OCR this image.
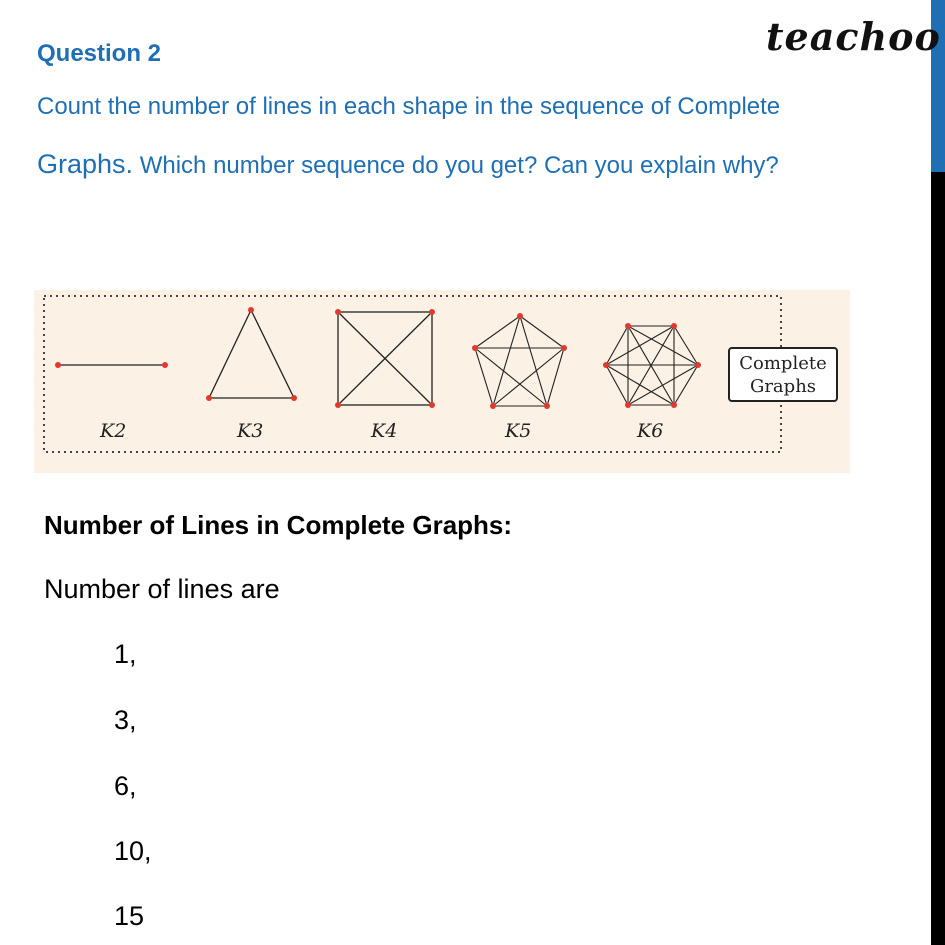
teachoo
Question 2
Count the number of lines in each shape in the sequence of Complete
Graphs. Which number sequence do you get? Can you explain why?
Complete
Graphs
K2	K3	K4	K5	K6
Number of Lines in Complete Graphs:
Number of lines are
1,
3,
6,
10,
15
